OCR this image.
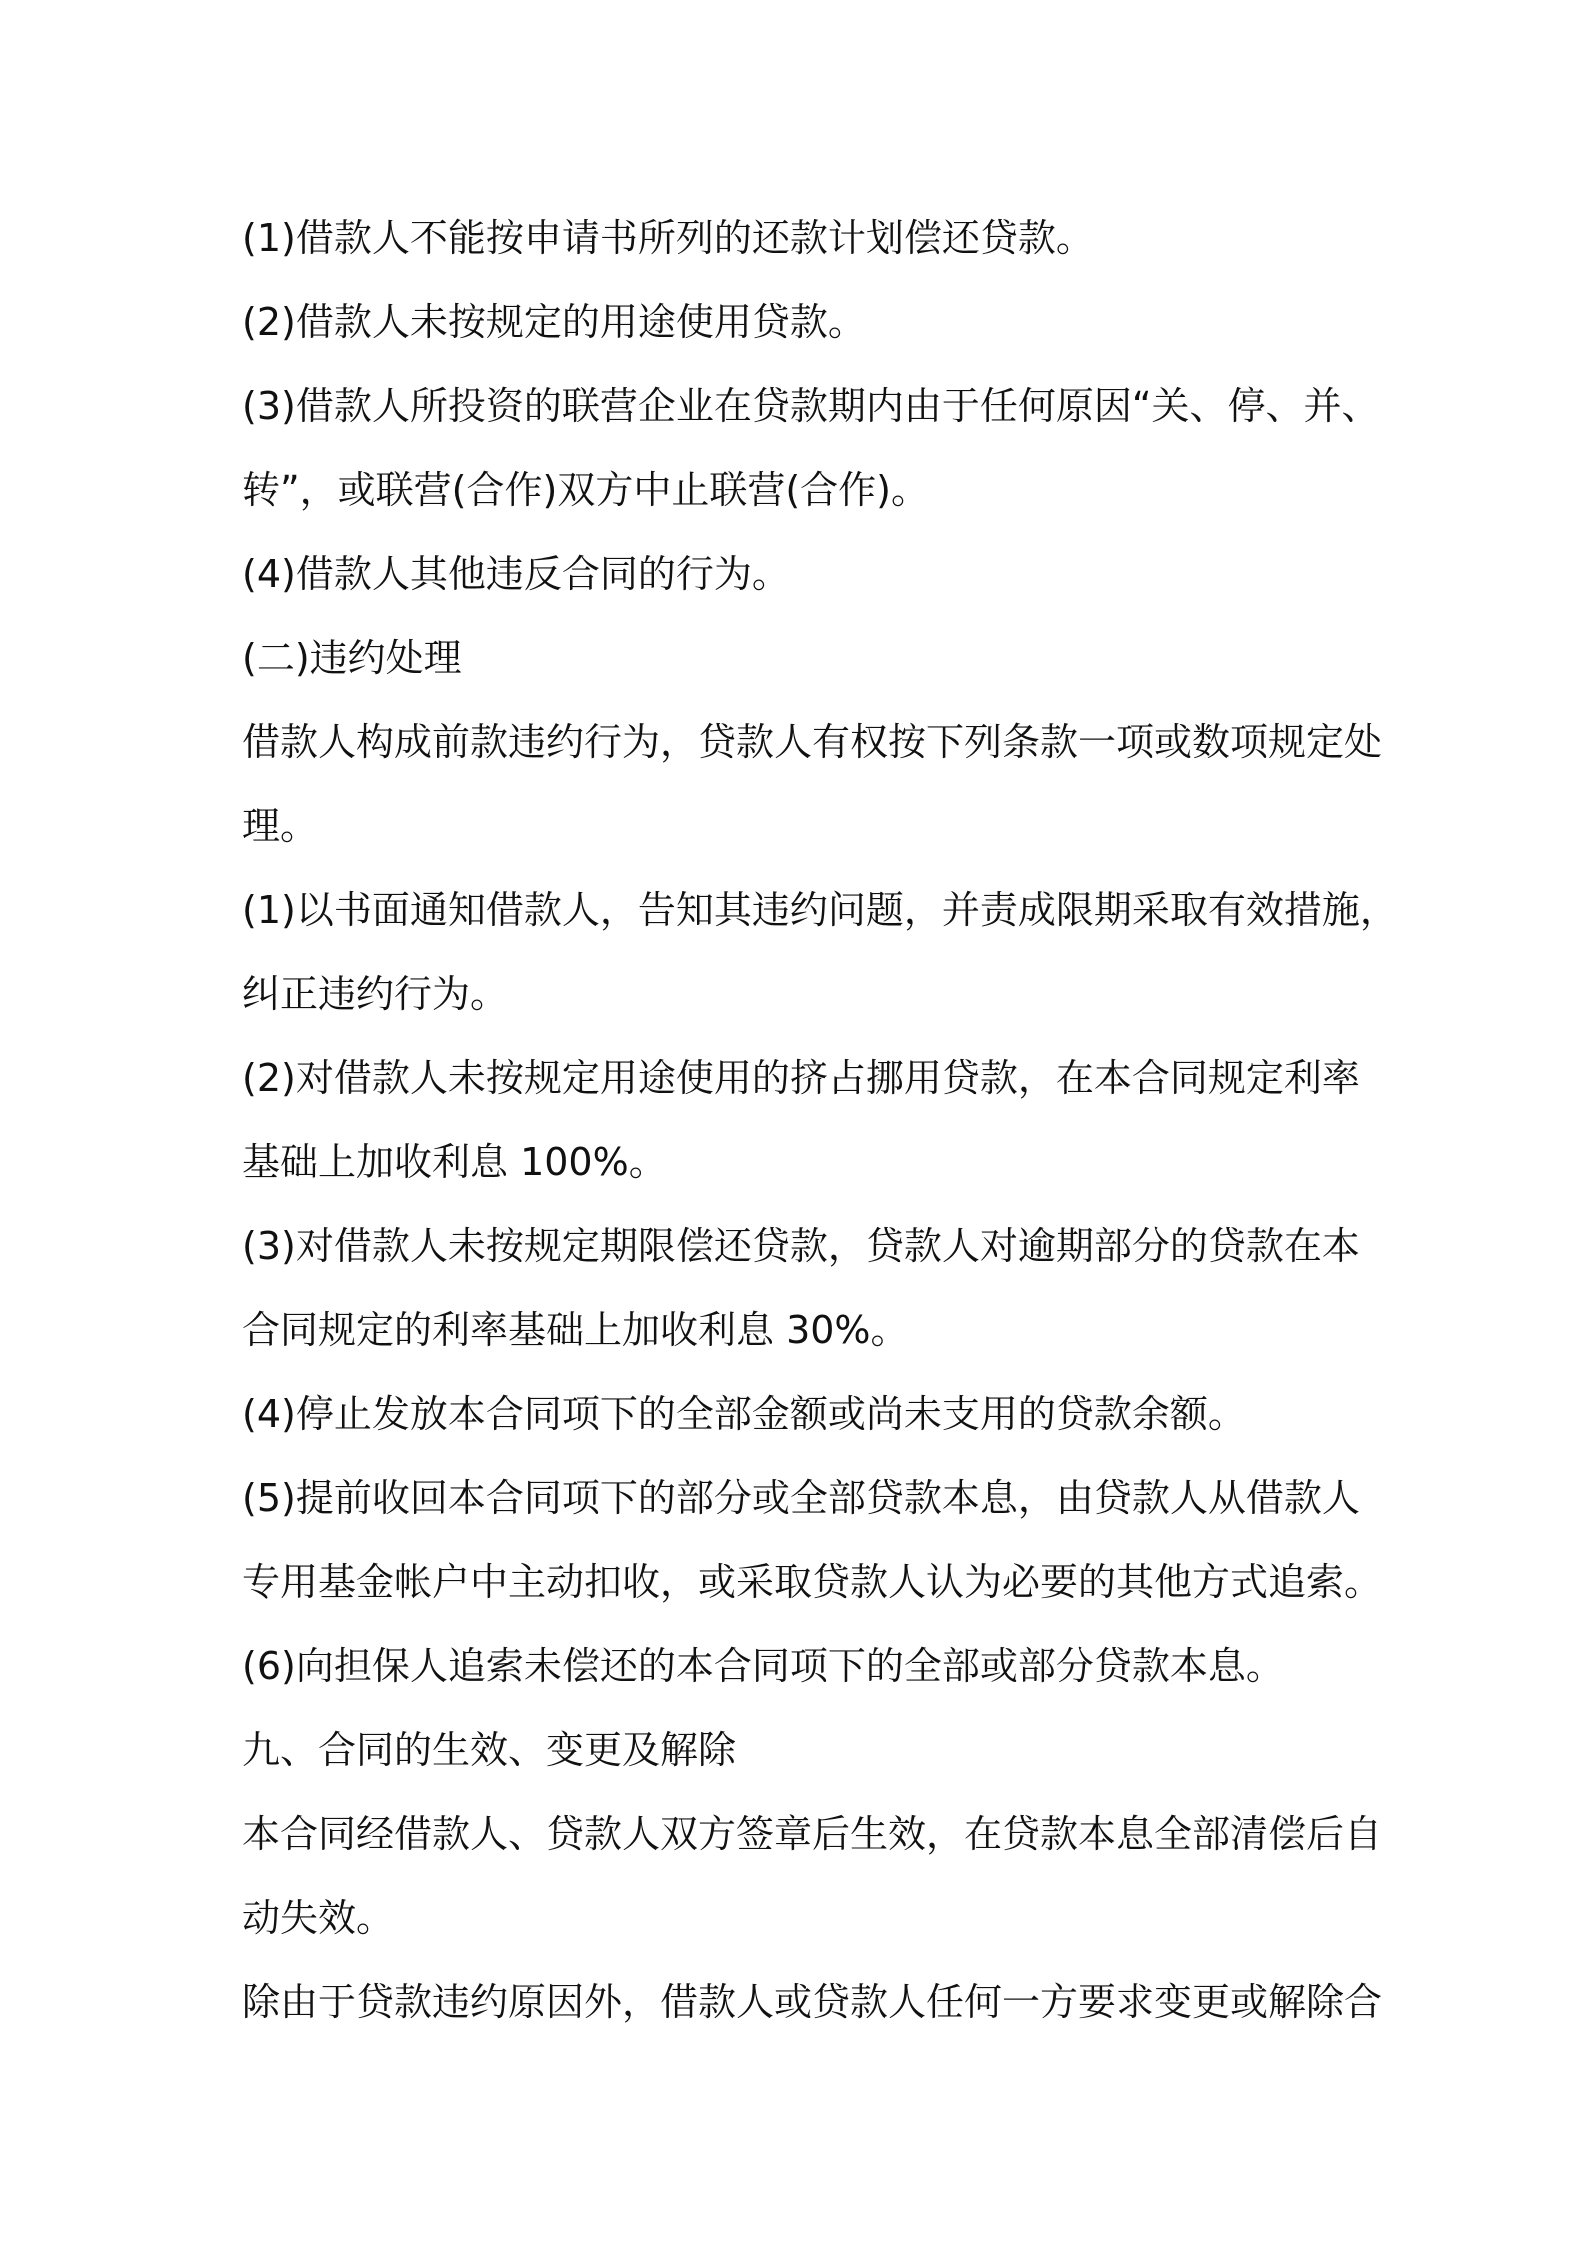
(1)借款人不能按申请书所列的还款计划偿还贷款。
(2)借款人未按规定的用途使用贷款。
(3)借款人所投资的联营企业在贷款期内由于任何原因“关、停、并、
转”，或联营(合作)双方中止联营(合作)。
(4)借款人其他违反合同的行为。
(二)违约处理
借款人构成前款违约行为，贷款人有权按下列条款一项或数项规定处
理。
(1)以书面通知借款人，告知其违约问题，并责成限期采取有效措施，
纠正违约行为。
(2)对借款人未按规定用途使用的挤占挪用贷款，在本合同规定利率
基础上加收利息 100%。
(3)对借款人未按规定期限偿还贷款，贷款人对逾期部分的贷款在本
合同规定的利率基础上加收利息 30%。
(4)停止发放本合同项下的全部金额或尚未支用的贷款余额。
(5)提前收回本合同项下的部分或全部贷款本息，由贷款人从借款人
专用基金帐户中主动扣收，或采取贷款人认为必要的其他方式追索。
(6)向担保人追索未偿还的本合同项下的全部或部分贷款本息。
九、合同的生效、变更及解除
本合同经借款人、贷款人双方签章后生效，在贷款本息全部清偿后自
动失效。
除由于贷款违约原因外，借款人或贷款人任何一方要求变更或解除合
